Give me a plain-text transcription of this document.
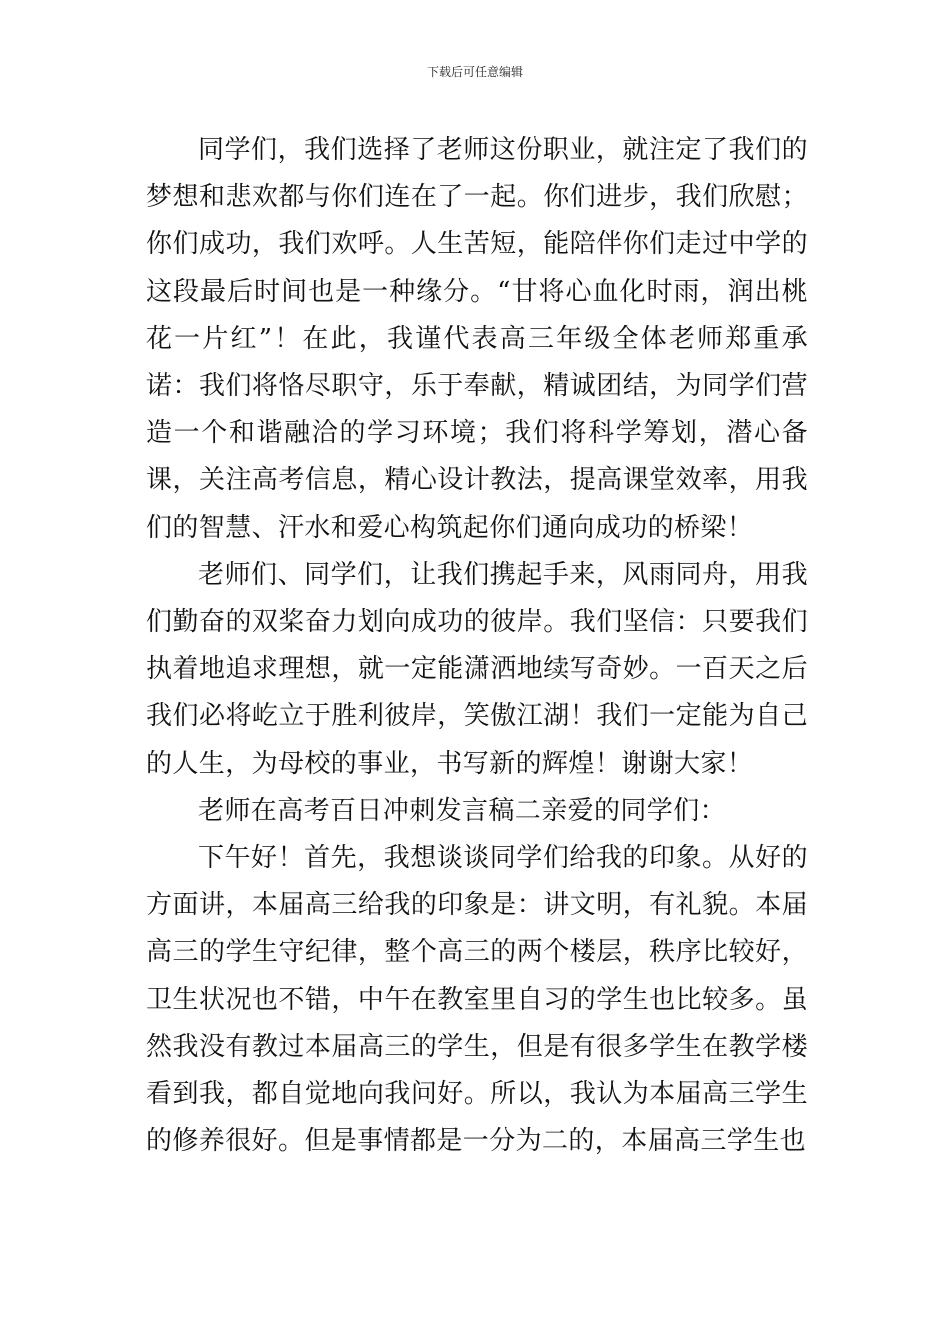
下载后可任意编辑

同学们，我们选择了老师这份职业，就注定了我们的梦想和悲欢都与你们连在了一起。你们进步，我们欣慰；你们成功，我们欢呼。人生苦短，能陪伴你们走过中学的这段最后时间也是一种缘分。“甘将心血化时雨，润出桃花一片红”！在此，我谨代表高三年级全体老师郑重承诺：我们将恪尽职守，乐于奉献，精诚团结，为同学们营造一个和谐融洽的学习环境；我们将科学筹划，潜心备课，关注高考信息，精心设计教法，提高课堂效率，用我们的智慧、汗水和爱心构筑起你们通向成功的桥梁！

老师们、同学们，让我们携起手来，风雨同舟，用我们勤奋的双桨奋力划向成功的彼岸。我们坚信：只要我们执着地追求理想，就一定能潇洒地续写奇妙。一百天之后我们必将屹立于胜利彼岸，笑傲江湖！我们一定能为自己的人生，为母校的事业，书写新的辉煌！谢谢大家！

老师在高考百日冲刺发言稿二亲爱的同学们：

下午好！首先，我想谈谈同学们给我的印象。从好的方面讲，本届高三给我的印象是：讲文明，有礼貌。本届高三的学生守纪律，整个高三的两个楼层，秩序比较好，卫生状况也不错，中午在教室里自习的学生也比较多。虽然我没有教过本届高三的学生，但是有很多学生在教学楼看到我，都自觉地向我问好。所以，我认为本届高三学生的修养很好。但是事情都是一分为二的，本届高三学生也
